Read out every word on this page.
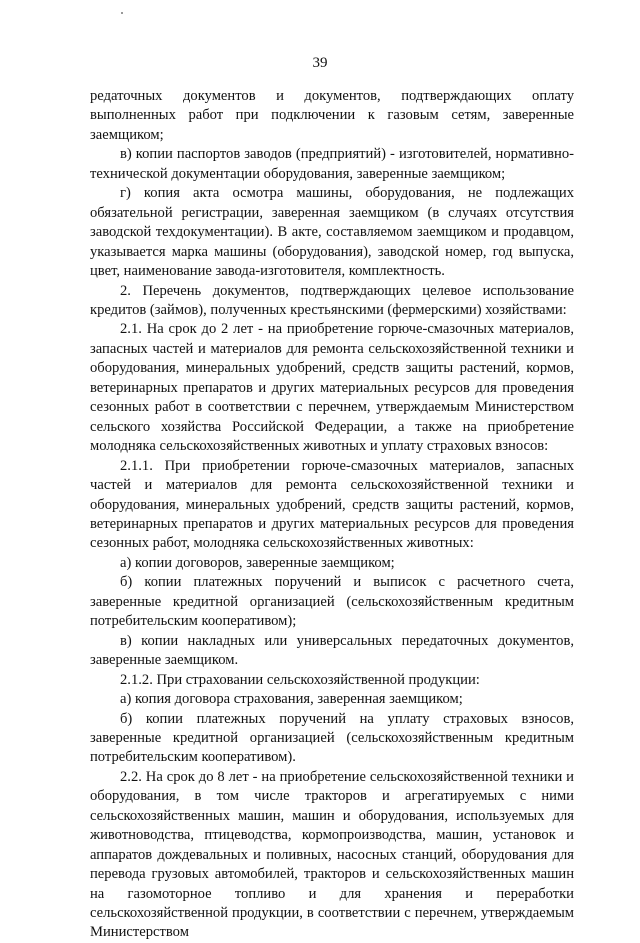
39

редаточных документов и документов, подтверждающих оплату выполненных работ при подключении к газовым сетям, заверенные заемщиком;

в) копии паспортов заводов (предприятий) - изготовителей, нормативно-технической документации оборудования, заверенные заемщиком;

г) копия акта осмотра машины, оборудования, не подлежащих обязательной регистрации, заверенная заемщиком (в случаях отсутствия заводской техдокументации). В акте, составляемом заемщиком и продавцом, указывается марка машины (оборудования), заводской номер, год выпуска, цвет, наименование завода-изготовителя, комплектность.

2. Перечень документов, подтверждающих целевое использование кредитов (займов), полученных крестьянскими (фермерскими) хозяйствами:

2.1. На срок до 2 лет - на приобретение горюче-смазочных материалов, запасных частей и материалов для ремонта сельскохозяйственной техники и оборудования, минеральных удобрений, средств защиты растений, кормов, ветеринарных препаратов и других материальных ресурсов для проведения сезонных работ в соответствии с перечнем, утверждаемым Министерством сельского хозяйства Российской Федерации, а также на приобретение молодняка сельскохозяйственных животных и уплату страховых взносов:

2.1.1. При приобретении горюче-смазочных материалов, запасных частей и материалов для ремонта сельскохозяйственной техники и оборудования, минеральных удобрений, средств защиты растений, кормов, ветеринарных препаратов и других материальных ресурсов для проведения сезонных работ, молодняка сельскохозяйственных животных:

а) копии договоров, заверенные заемщиком;

б) копии платежных поручений и выписок с расчетного счета, заверенные кредитной организацией (сельскохозяйственным кредитным потребительским кооперативом);

в) копии накладных или универсальных передаточных документов, заверенные заемщиком.

2.1.2. При страховании сельскохозяйственной продукции:

а) копия договора страхования, заверенная заемщиком;

б) копии платежных поручений на уплату страховых взносов, заверенные кредитной организацией (сельскохозяйственным кредитным потребительским кооперативом).

2.2. На срок до 8 лет - на приобретение сельскохозяйственной техники и оборудования, в том числе тракторов и агрегатируемых с ними сельскохозяйственных машин, машин и оборудования, используемых для животноводства, птицеводства, кормопроизводства, машин, установок и аппаратов дождевальных и поливных, насосных станций, оборудования для перевода грузовых автомобилей, тракторов и сельскохозяйственных машин на газомоторное топливо и для хранения и переработки сельскохозяйственной продукции, в соответствии с перечнем, утверждаемым Министерством
